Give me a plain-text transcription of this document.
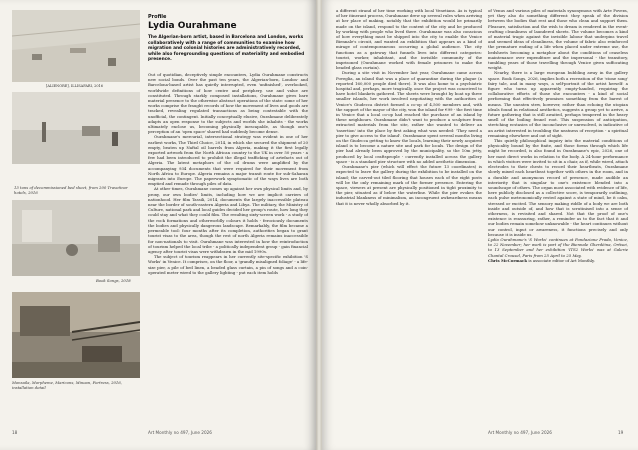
[ALIENORE], ILLISAFARI, 2016
13 tons of decommissioned bed sheet, from 200 Travetinor hotels, 2016
Book Songs, 2018
Monsaila, Morpheme, Maricons, Minoan, Fortress, 2016, installation detail
Profile
Lydia Ourahmane
The Algerian-born artist, based in Barcelona and London, works collaboratively with a range of communities to examine how migration and colonial histories are administratively recorded, while also foregrounding questions of materiality and embodied presence.

Out of quotidian, deceptively simple encounters, Lydia Ourahmane constructs new social bonds. Over the past ten years, the Algerian-born, London- and Barcelona-based artist has quietly interrupted, even 'unfinished', overlooked, worldwide definitions of how centre and periphery, use and value are constituted. Through starkly composed installations, Ourahmane gives bare material presence to the otherwise abstract operations of the state: some of her works comprise the fraught records of how the movement of lives and goods are tracked, revealing regulated transactions as being contestable with the unofficial, the contingent. Initially conceptually elusive, Ourahmane deliberately adapts an open response to the subjects and worlds she inhabits - the works ultimately enclose us, becoming physically inescapable, as though one's perception of an 'open space' shared had suddenly become dense.

Ourahmane's mercurial, intersectional strategy was evident in one of her earliest works, The Third Choice, 2014, in which she secured the shipment of 20 empty, beaten up Naftal oil barrels from Algeria, making it the first legally exported artwork from the North African country to the UK in over 50 years - a few had been introduced to prohibit the illegal trafficking of artefacts out of Algeria. The latent metaphors of the oil drums were amplified by the accompanying 934 documents that were required for their movement from North Africa to Europe. Algeria remains a major transit route for sub-Saharan migrants into Europe. The paperwork symptomatic of the ways lives are both emptied and remade through piles of data.

At other times, Ourahmane comes up against her own physical limits and, by proxy, our own bodies' limits, including how we are implicit carriers of nationhood. Her film Tassili, 2014, documents the largely inaccessible plateau near the border of south-eastern Algeria and Libya. The military, the Ministry of Culture, national park and local guides decided her group's route, how long they could stay and what they could film. The resulting sixty-screen work - a study of the rock formations and otherworldly colours it holds - ferociously documents the bodies and physically dangerous landscape. Remarkably, the film became a permeable tool: four months after its completion, authorities began to grant tourist visas to the area, though the rest of north Algeria remains inaccessible for non-nationals to visit. Ourahmane was interested in how the reintroduction of tourism helped the local tribe - a politically independent group - gain financial agency after tourist visas were withdrawn in the mid 1990s.

The subject of tourism reappears in her currently site-specific exhibition 'S Works' in Venice. It comprises, on the floor, a 'grandly misaligned foliage' - a life-size pier, a pile of bed linen, a beaded glass curtain, a pin of songs and a coin-operated meter wired to the gallery lighting - put each item holds

18	Art Monthly no 497, June 2026

a different strand of her time working with local Venetians. As is typical of her itinerant process, Ourahmane drew up several rules when arriving at her place of making, notably that the exhibition would be primarily made on the island, respond to the context of the city and be produced by working with people who lived there. Ourahmane was also conscious of how everything must be shipped into the city to enable the Venice Biennale's circuit, and wanted an exhibition that appears as a kind of mirage of contemporaneous occurring a global audience. The city functions as a gateway that funnels lives into different categories: tourist, worker, inhabitant, and the invisible community of the imprisoned (Ourahmane worked with female prisoners to make the beaded glass curtain).

During a site visit in November last year, Ourahmane came across Poveglia, an island that was a place of quarantine during the plague (a reported 160,000 people died there). It was also home to a psychiatric hospital and, perhaps, more tragically, once the project was conceived to have hotel blankets gathered. The sheets were brought by boat up three smaller islands, her work involved negotiating with the authorities of Venice's Giudecca district formed a co-op of 4,500 members and, with the support of the mayor of the city, won the island for €99 - the first time in Venice that a local co-op had reached the purchase of an island by these neighbours. Ourahmane didn't want to produce a sculpture from extracted materials from the site, rather she wanted to deliver an 'insertion' into the place by first asking what was needed: 'They need a pier to give access to the island'. Ourahmane spent several months living on the Giudecca getting to know the locals, learning their newly acquired island is to become a nature site and park for locals. The design of the pier had already been approved by the municipality, so the 10m jetty, produced by local craftspeople - currently installed across the gallery space - is a standard pier structure with no added aesthetic dimension.

Ourahmane's pier (which will effect the future 13 coordinates) is expected to leave the gallery during the exhibition to be installed on the island; the carved-out tiled flooring that houses each of the eight posts will be the only remaining mark of the former presence. Entering the space, viewers at present are physically positioned in tight proximity to the pier, situated as if below the waterline. While the pier evokes the industrial blankness of minimalism, an incongruent awkwardness means that it is never wholly absorbed by it.

of Venus and various piles of materials synonymous with Arte Povera, yet they also do something different: they speak of the division between the bodies that rest and those who clean and support them. Pleasure, satisfaction and the wish to dream is rendered in the event-crafting cleanliness of laundered sheets. The volume becomes a kind of material tragic against the invisible labour that underpins travel and seemed ideas of cleanliness, the volume of fabric also reinforced the premature ending of a life when placed under extreme use, the bedsheets becoming a metaphor about the conditions of ceaseless maintenance over expenditure and the impersonal - the transitory, tumbling years of those travelling through Venice given suffocating weight.

Nearby, there is a large european bubbling away in the gallery space. Book Songs, 2026, implies both a recreation of the 'stone song' fairy tale, and in many ways, a self-portrait of the artist herself: a figure who turns up apparently empty-handed, requiring the collaborative efforts of those she encounters - a kind of social performing that effectively promises something from the barest of means. The uneaten stew, however, rather than echoing the utopian ideals found in relational aesthetics, suggests a group yet to arrive, a future gathering that is still awaited, perhaps tempered in the heavy smell of the boiling fennel root. This suspension of anticipation, stretching ecstasies of the inconclusive or unresolved, is indicative of an artist interested in troubling the neatness of reception - a spiritual remaining elsewhere and out of sight.

This quietly philosophical inquiry into the material conditions of physicality bound by the finite, and those forms through which life might be recorded, is also found in Ourahmane's epic, 2026, one of her most direct works in relation to the body. A 24-hour performance in which visitors were invited to sit in a chair, as if, while wired, attach electrodes to their chests to record their heartbeats, Ourahmane slowly mixed each heartbeat together with others in the room, and in a durable and anonymous record of presence, made audible an interiority that is singular to one's existence blended into a soundscape of others. The organ most associated with evidence of life, here publicly disclosed as a collective score, is temporarily outlining, each pulse metronomically rested against a state of mind, be it calm, stressed or excited. The sensory making riddle of a body we are both inside and outside of, and how that is scrutinised into a sense of otherness, is revisited and shared. Not that the proof of one's existence is reassuring, rather, a reminder as to the fact that it and our bodies remain somehow unknowable - the heart continues without our control, input or awareness, it functions precisely and only because it is inside us.

Lydia Ourahmane's 'S Works' continues at Fondazione Prada, Venice, to 22 November; her work is part of the Biennale Gherdëina, Ortisei, to 13 September and her exhibition 'ITS2 Works' was at Galerie Chantal Crousel, Paris from 25 April to 25 May.

Chris McCormack is associate editor of Art Monthly.

Art Monthly no 497, June 2026	19
